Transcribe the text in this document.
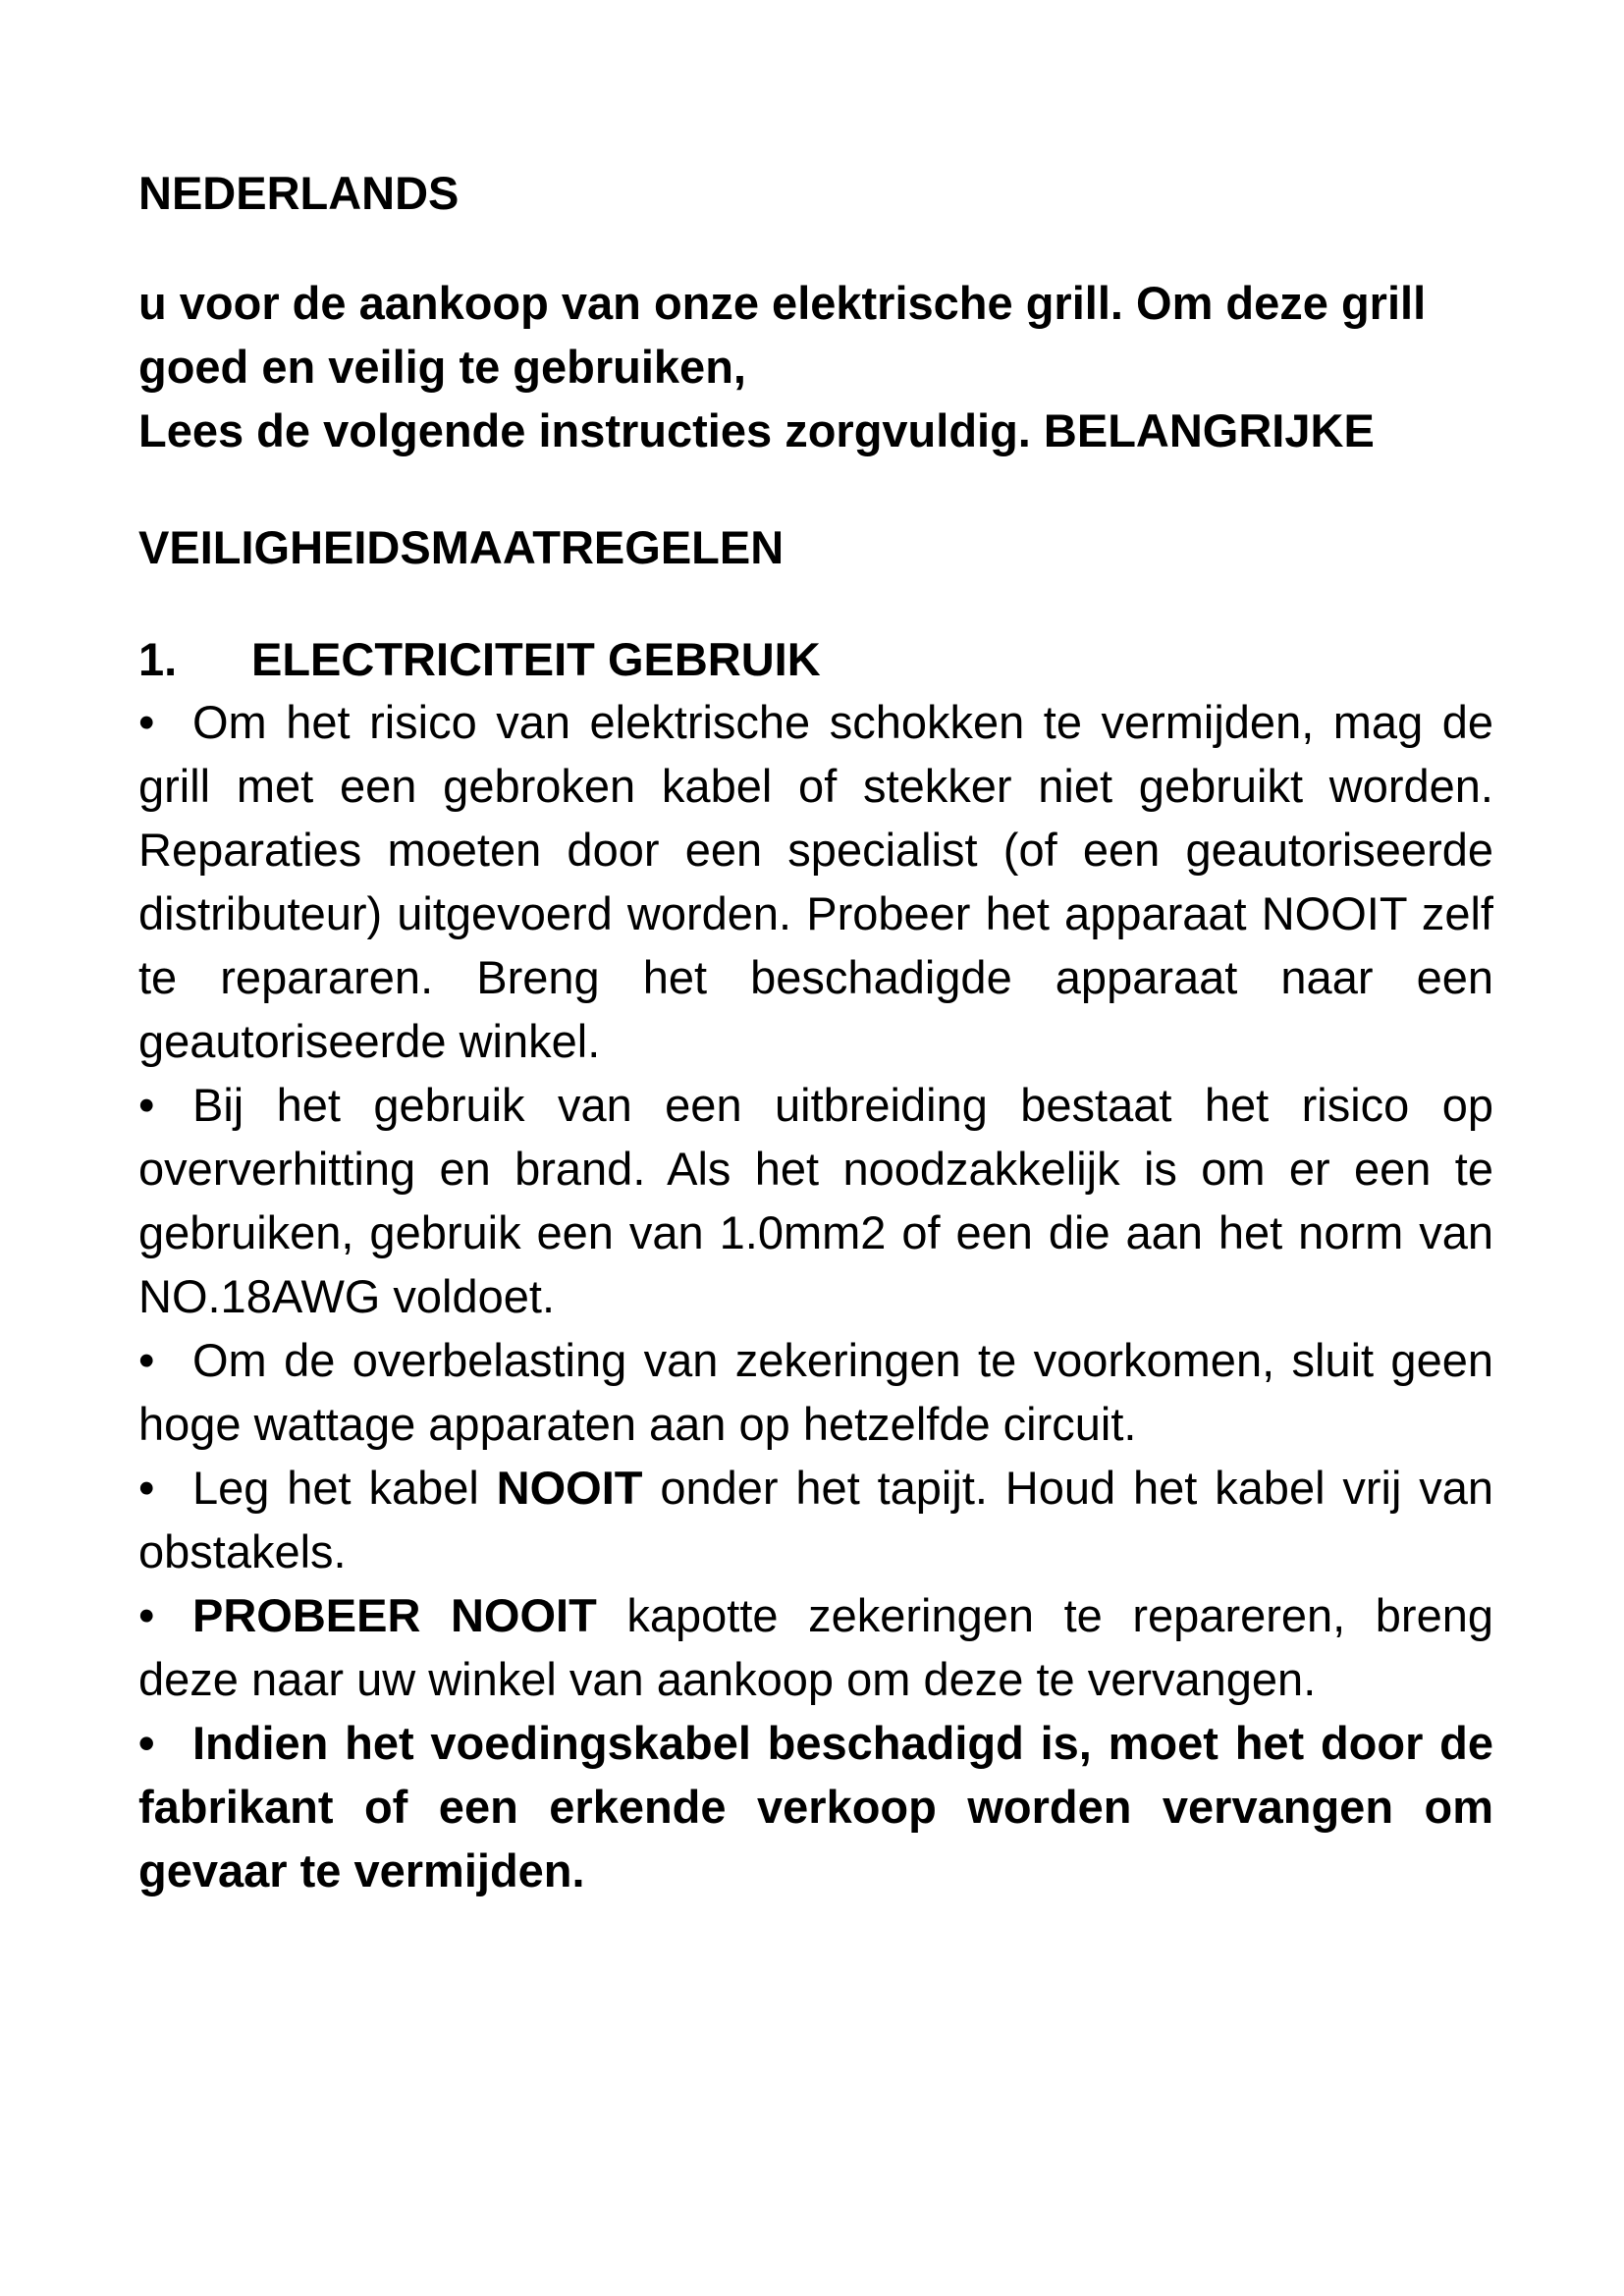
NEDERLANDS
u voor de aankoop van onze elektrische grill. Om deze grill goed en veilig te gebruiken,
Lees de volgende instructies zorgvuldig. BELANGRIJKE
VEILIGHEIDSMAATREGELEN
1. ELECTRICITEIT GEBRUIK

• Om het risico van elektrische schokken te vermijden, mag de grill met een gebroken kabel of stekker niet gebruikt worden. Reparaties moeten door een specialist (of een geautoriseerde distributeur) uitgevoerd worden. Probeer het apparaat NOOIT zelf te repararen. Breng het beschadigde apparaat naar een geautoriseerde winkel.

• Bij het gebruik van een uitbreiding bestaat het risico op oververhitting en brand. Als het noodzakkelijk is om er een te gebruiken, gebruik een van 1.0mm2 of een die aan het norm van NO.18AWG voldoet.

• Om de overbelasting van zekeringen te voorkomen, sluit geen hoge wattage apparaten aan op hetzelfde circuit.

• Leg het kabel NOOIT onder het tapijt. Houd het kabel vrij van obstakels.

• PROBEER NOOIT kapotte zekeringen te repareren, breng deze naar uw winkel van aankoop om deze te vervangen.

• Indien het voedingskabel beschadigd is, moet het door de fabrikant of een erkende verkoop worden vervangen om gevaar te vermijden.
